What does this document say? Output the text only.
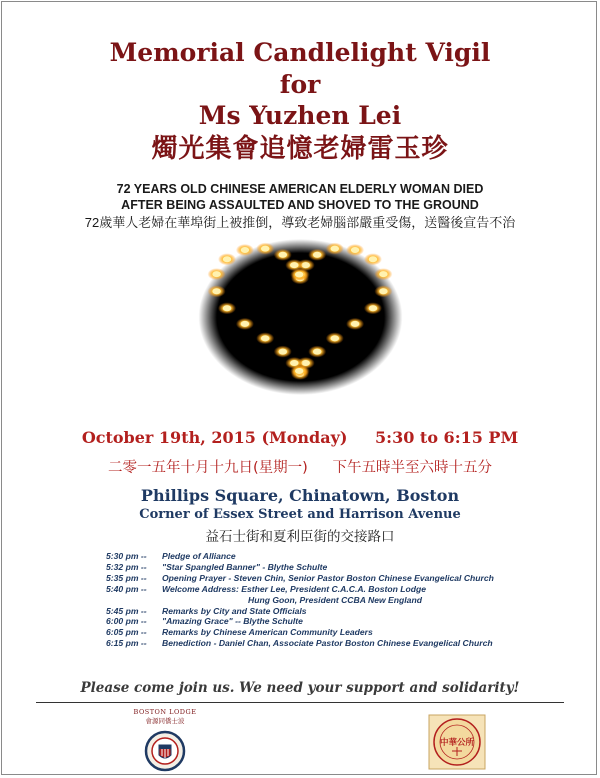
Memorial Candlelight Vigil
for
Ms Yuzhen Lei
燭光集會追憶老婦雷玉珍
72 YEARS OLD CHINESE AMERICAN ELDERLY WOMAN DIED
AFTER BEING ASSAULTED AND SHOVED TO THE GROUND
72歲華人老婦在華埠街上被推倒，導致老婦腦部嚴重受傷，送醫後宣告不治
October 19th, 2015 (Monday) 5:30 to 6:15 PM
二零一五年十月十九日(星期一) 下午五時半至六時十五分
Phillips Square, Chinatown, Boston
Corner of Essex Street and Harrison Avenue
益石士街和夏利臣街的交接路口
5:30 pm -- Pledge of Alliance
5:32 pm -- "Star Spangled Banner" - Blythe Schulte
5:35 pm -- Opening Prayer - Steven Chin, Senior Pastor Boston Chinese Evangelical Church
5:40 pm -- Welcome Address: Esther Lee, President C.A.C.A. Boston Lodge
Hung Goon, President CCBA New England
5:45 pm -- Remarks by City and State Officials
6:00 pm -- "Amazing Grace" -- Blythe Schulte
6:05 pm -- Remarks by Chinese American Community Leaders
6:15 pm -- Benediction - Daniel Chan, Associate Pastor Boston Chinese Evangelical Church
Please come join us. We need your support and solidarity!
BOSTON LODGE
會源同僑士波
中華公所
